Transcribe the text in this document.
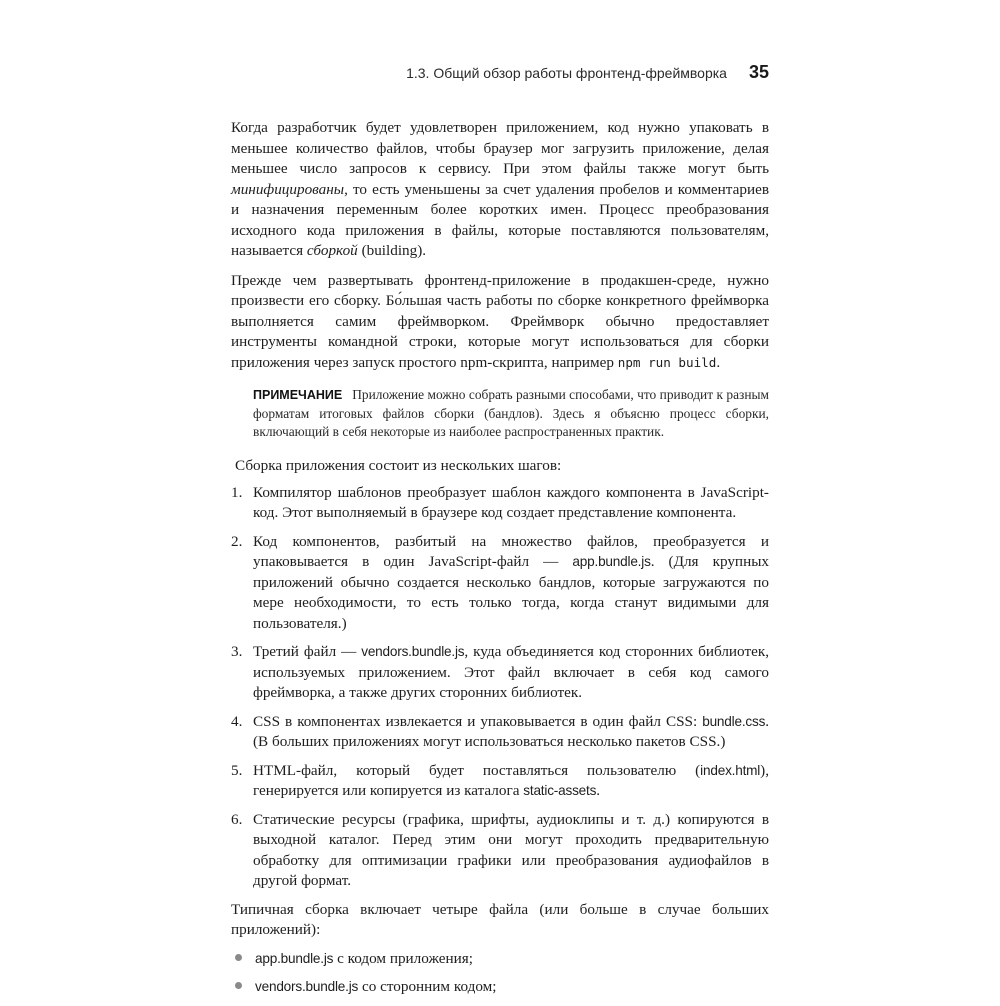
1.3. Общий обзор работы фронтенд-фреймворка 35

Когда разработчик будет удовлетворен приложением, код нужно упаковать в меньшее количество файлов, чтобы браузер мог загрузить приложение, делая меньшее число запросов к сервису. При этом файлы также могут быть минифицированы, то есть уменьшены за счет удаления пробелов и комментариев и назначения переменным более коротких имен. Процесс преобразования исходного кода приложения в файлы, которые поставляются пользователям, называется сборкой (building).

Прежде чем развертывать фронтенд-приложение в продакшен-среде, нужно произвести его сборку. Бо́льшая часть работы по сборке конкретного фреймворка выполняется самим фреймворком. Фреймворк обычно предоставляет инструменты командной строки, которые могут использоваться для сборки приложения через запуск простого npm-скрипта, например npm run build.

ПРИМЕЧАНИЕ Приложение можно собрать разными способами, что приводит к разным форматам итоговых файлов сборки (бандлов). Здесь я объясню процесс сборки, включающий в себя некоторые из наиболее распространенных практик.

Сборка приложения состоит из нескольких шагов:

1. Компилятор шаблонов преобразует шаблон каждого компонента в JavaScript-код. Этот выполняемый в браузере код создает представление компонента.
2. Код компонентов, разбитый на множество файлов, преобразуется и упаковывается в один JavaScript-файл — app.bundle.js. (Для крупных приложений обычно создается несколько бандлов, которые загружаются по мере необходимости, то есть только тогда, когда станут видимыми для пользователя.)
3. Третий файл — vendors.bundle.js, куда объединяется код сторонних библиотек, используемых приложением. Этот файл включает в себя код самого фреймворка, а также других сторонних библиотек.
4. CSS в компонентах извлекается и упаковывается в один файл CSS: bundle.css. (В больших приложениях могут использоваться несколько пакетов CSS.)
5. HTML-файл, который будет поставляться пользователю (index.html), генерируется или копируется из каталога static-assets.
6. Статические ресурсы (графика, шрифты, аудиоклипы и т. д.) копируются в выходной каталог. Перед этим они могут проходить предварительную обработку для оптимизации графики или преобразования аудиофайлов в другой формат.

Типичная сборка включает четыре файла (или больше в случае больших приложений):

app.bundle.js с кодом приложения;
vendors.bundle.js со сторонним кодом;
